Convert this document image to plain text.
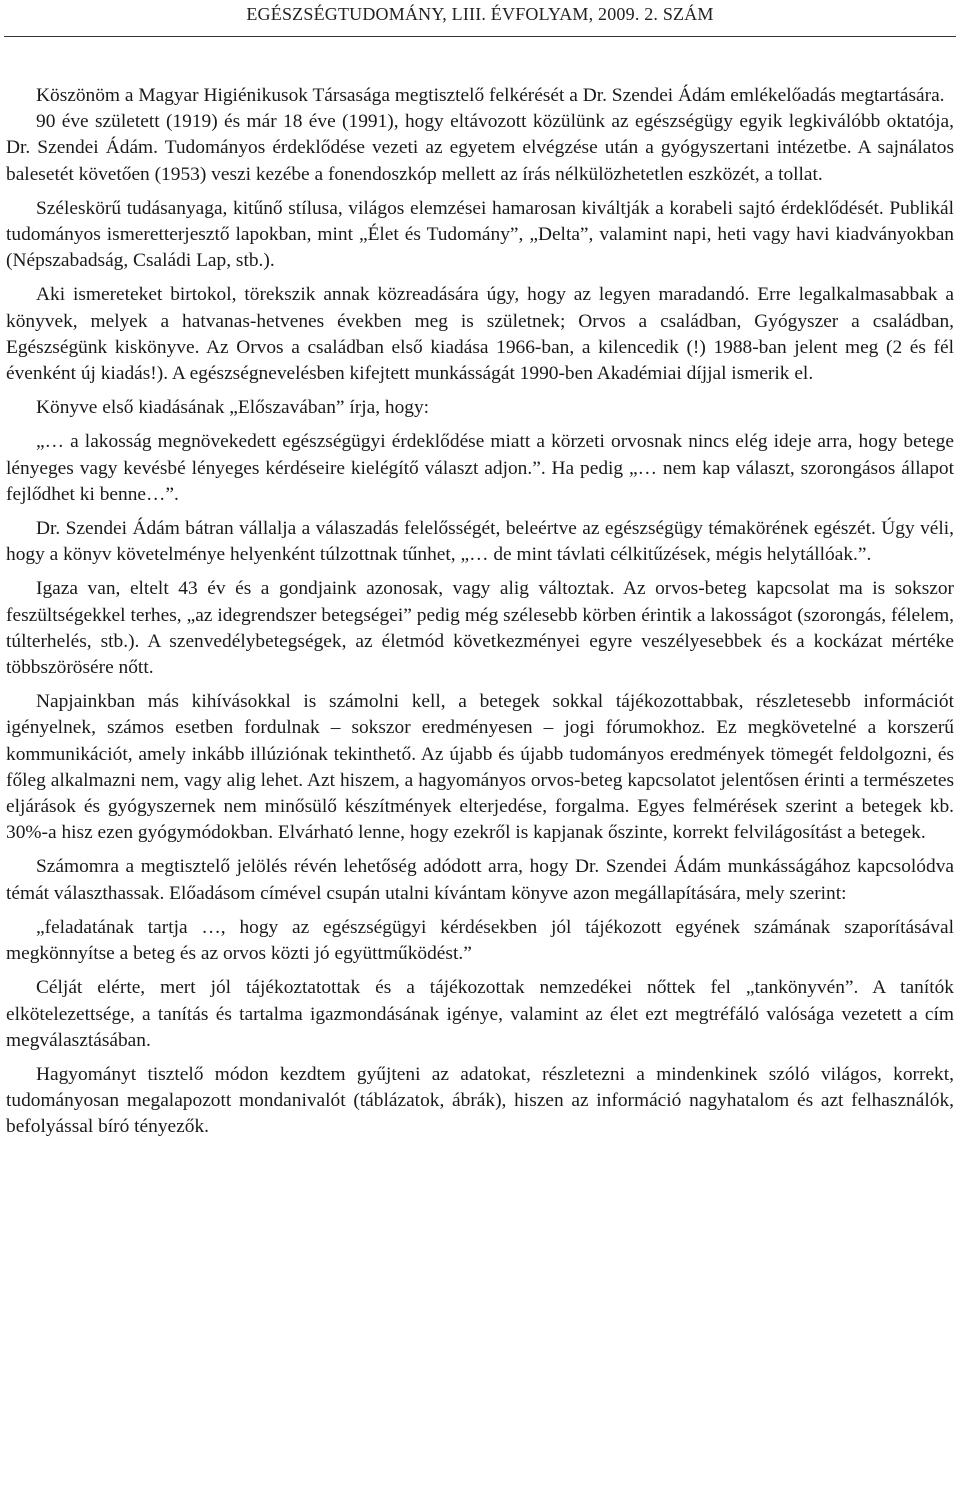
EGÉSZSÉGTUDOMÁNY, LIII. ÉVFOLYAM, 2009. 2. SZÁM

Köszönöm a Magyar Higiénikusok Társasága megtisztelő felkérését a Dr. Szendei Ádám emlékelőadás megtartására.

90 éve született (1919) és már 18 éve (1991), hogy eltávozott közülünk az egészségügy egyik legkiválóbb oktatója, Dr. Szendei Ádám. Tudományos érdeklődése vezeti az egyetem elvégzése után a gyógyszertani intézetbe. A sajnálatos balesetét követően (1953) veszi kezébe a fonendoszkóp mellett az írás nélkülözhetetlen eszközét, a tollat.

Széleskörű tudásanyaga, kitűnő stílusa, világos elemzései hamarosan kiváltják a korabeli sajtó érdeklődését. Publikál tudományos ismeretterjesztő lapokban, mint „Élet és Tudomány”, „Delta”, valamint napi, heti vagy havi kiadványokban (Népszabadság, Családi Lap, stb.).

Aki ismereteket birtokol, törekszik annak közreadására úgy, hogy az legyen maradandó. Erre legalkalmasabbak a könyvek, melyek a hatvanas-hetvenes években meg is születnek; Orvos a családban, Gyógyszer a családban, Egészségünk kiskönyve. Az Orvos a családban első kiadása 1966-ban, a kilencedik (!) 1988-ban jelent meg (2 és fél évenként új kiadás!). A egészségnevelésben kifejtett munkásságát 1990-ben Akadémiai díjjal ismerik el.

Könyve első kiadásának „Előszavában” írja, hogy:

„… a lakosság megnövekedett egészségügyi érdeklődése miatt a körzeti orvosnak nincs elég ideje arra, hogy betege lényeges vagy kevésbé lényeges kérdéseire kielégítő választ adjon.”. Ha pedig „… nem kap választ, szorongásos állapot fejlődhet ki benne…”.

Dr. Szendei Ádám bátran vállalja a válaszadás felelősségét, beleértve az egészségügy témakörének egészét. Úgy véli, hogy a könyv követelménye helyenként túlzottnak tűnhet, „… de mint távlati célkitűzések, mégis helytállóak.”.

Igaza van, eltelt 43 év és a gondjaink azonosak, vagy alig változtak. Az orvos-beteg kapcsolat ma is sokszor feszültségekkel terhes, „az idegrendszer betegségei” pedig még szélesebb körben érintik a lakosságot (szorongás, félelem, túlterhelés, stb.). A szenvedélybetegségek, az életmód következményei egyre veszélyesebbek és a kockázat mértéke többszörösére nőtt.

Napjainkban más kihívásokkal is számolni kell, a betegek sokkal tájékozottabbak, részletesebb információt igényelnek, számos esetben fordulnak – sokszor eredményesen – jogi fórumokhoz. Ez megkövetelné a korszerű kommunikációt, amely inkább illúziónak tekinthető. Az újabb és újabb tudományos eredmények tömegét feldolgozni, és főleg alkalmazni nem, vagy alig lehet. Azt hiszem, a hagyományos orvos-beteg kapcsolatot jelentősen érinti a természetes eljárások és gyógyszernek nem minősülő készítmények elterjedése, forgalma. Egyes felmérések szerint a betegek kb. 30%-a hisz ezen gyógymódokban. Elvárható lenne, hogy ezekről is kapjanak őszinte, korrekt felvilágosítást a betegek.

Számomra a megtisztelő jelölés révén lehetőség adódott arra, hogy Dr. Szendei Ádám munkásságához kapcsolódva témát választhassak. Előadásom címével csupán utalni kívántam könyve azon megállapítására, mely szerint:

„feladatának tartja …, hogy az egészségügyi kérdésekben jól tájékozott egyének számának szaporításával megkönnyítse a beteg és az orvos közti jó együttműködést.”

Célját elérte, mert jól tájékoztatottak és a tájékozottak nemzedékei nőttek fel „tankönyvén”. A tanítók elkötelezettsége, a tanítás és tartalma igazmondásának igénye, valamint az élet ezt megtréfáló valósága vezetett a cím megválasztásában.

Hagyományt tisztelő módon kezdtem gyűjteni az adatokat, részletezni a mindenkinek szóló világos, korrekt, tudományosan megalapozott mondanivalót (táblázatok, ábrák), hiszen az információ nagyhatalom és azt felhasználók, befolyással bíró tényezők.
